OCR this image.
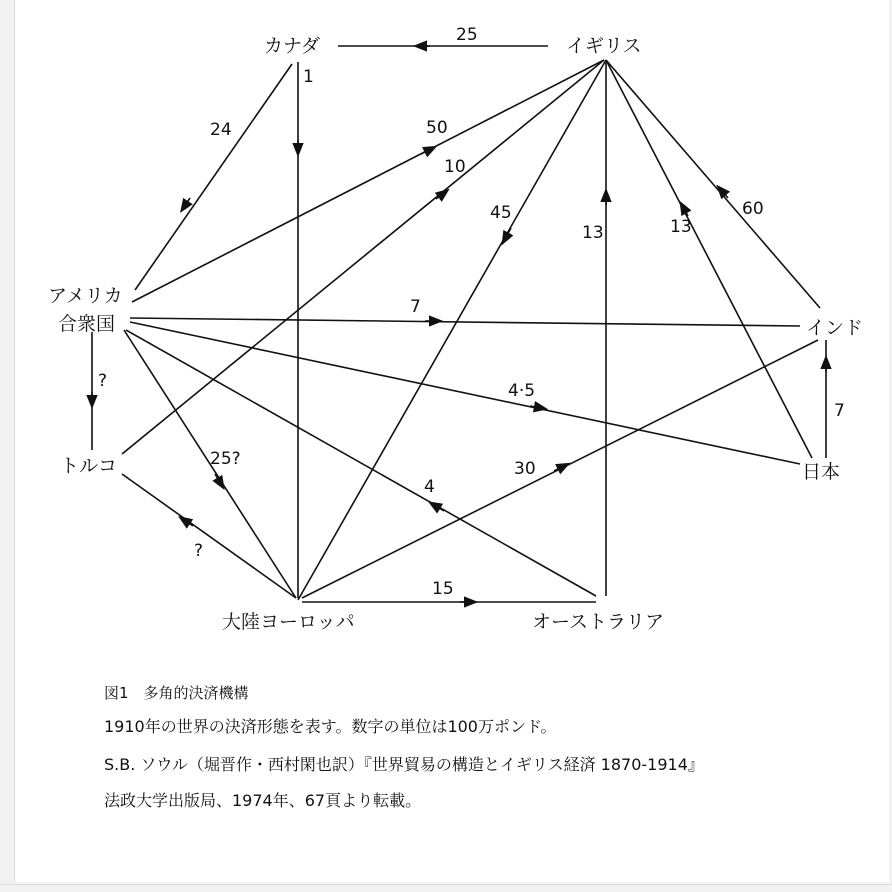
カナダ	イギリス
アメリカ
合衆国	インド
トルコ	日本
大陸ヨーロッパ	オーストラリア
25
1
24	50
10
45
13	13
60
7
?	4·5
7
25?
4
30
?
15
図1　多角的決済機構
1910年の世界の決済形態を表す。数字の単位は100万ポンド。
S.B. ソウル（堀晋作・西村閑也訳）『世界貿易の構造とイギリス経済 1870-1914』
法政大学出版局、1974年、67頁より転載。
